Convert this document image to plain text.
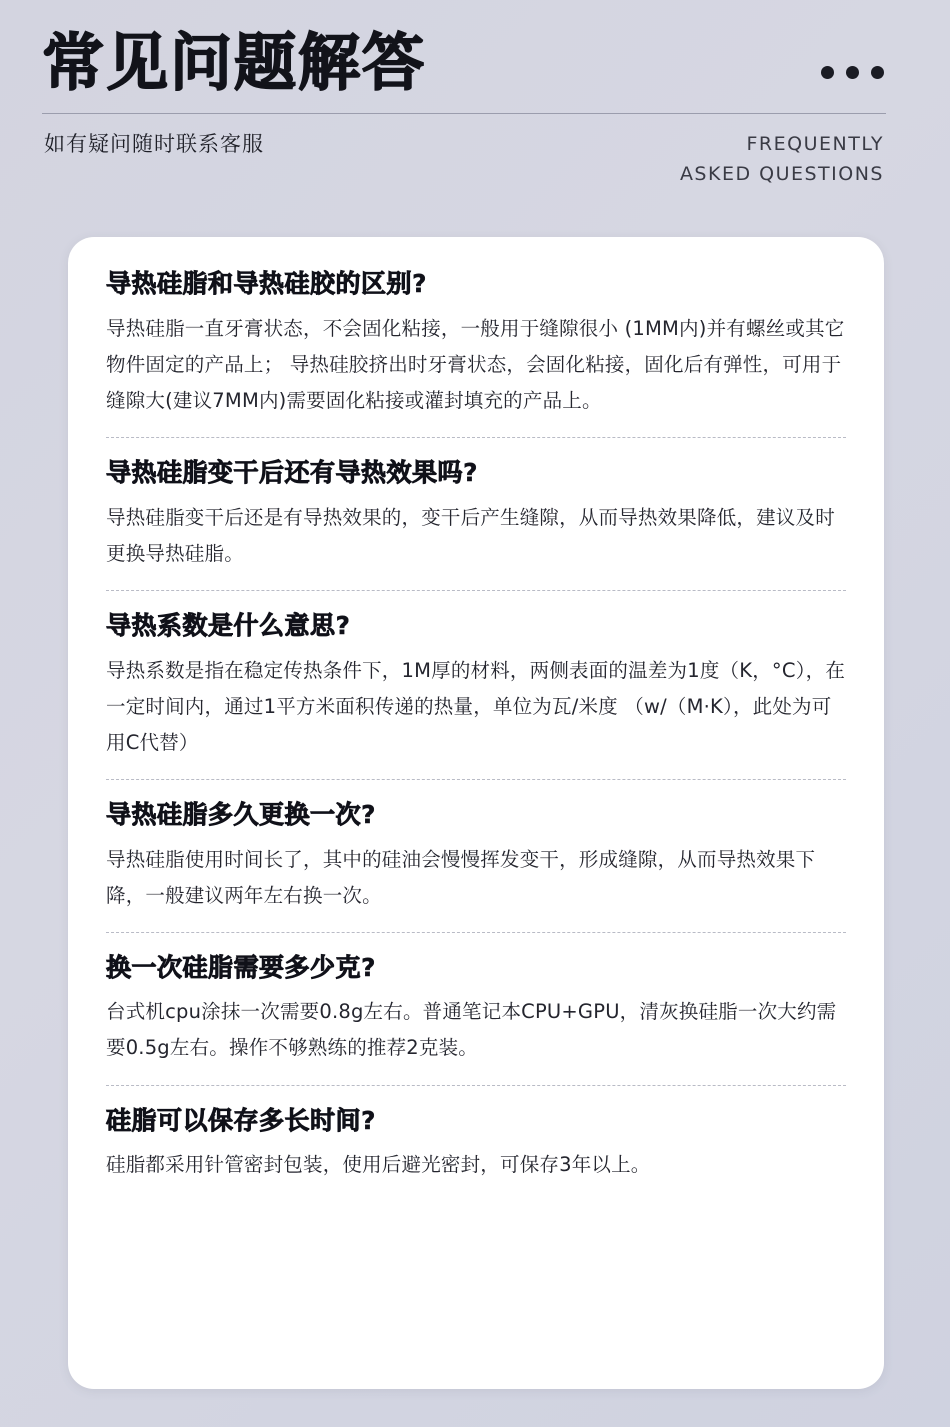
常见问题解答
如有疑问随时联系客服	FREQUENTLY
ASKED QUESTIONS
导热硅脂和导热硅胶的区别?

导热硅脂一直牙膏状态，不会固化粘接，一般用于缝隙很小 (1MM内)并有螺丝或其它物件固定的产品上； 导热硅胶挤出时牙膏状态，会固化粘接，固化后有弹性，可用于缝隙大(建议7MM内)需要固化粘接或灌封填充的产品上。

导热硅脂变干后还有导热效果吗?

导热硅脂变干后还是有导热效果的，变干后产生缝隙，从而导热效果降低，建议及时更换导热硅脂。

导热系数是什么意思?

导热系数是指在稳定传热条件下，1M厚的材料，两侧表面的温差为1度（K，°C），在一定时间内，通过1平方米面积传递的热量，单位为瓦/米度 （w/（M·K），此处为可用C代替）

导热硅脂多久更换一次?

导热硅脂使用时间长了，其中的硅油会慢慢挥发变干，形成缝隙，从而导热效果下降，一般建议两年左右换一次。

换一次硅脂需要多少克?

台式机cpu涂抹一次需要0.8g左右。普通笔记本CPU+GPU，清灰换硅脂一次大约需要0.5g左右。操作不够熟练的推荐2克装。

硅脂可以保存多长时间?

硅脂都采用针管密封包装，使用后避光密封，可保存3年以上。
